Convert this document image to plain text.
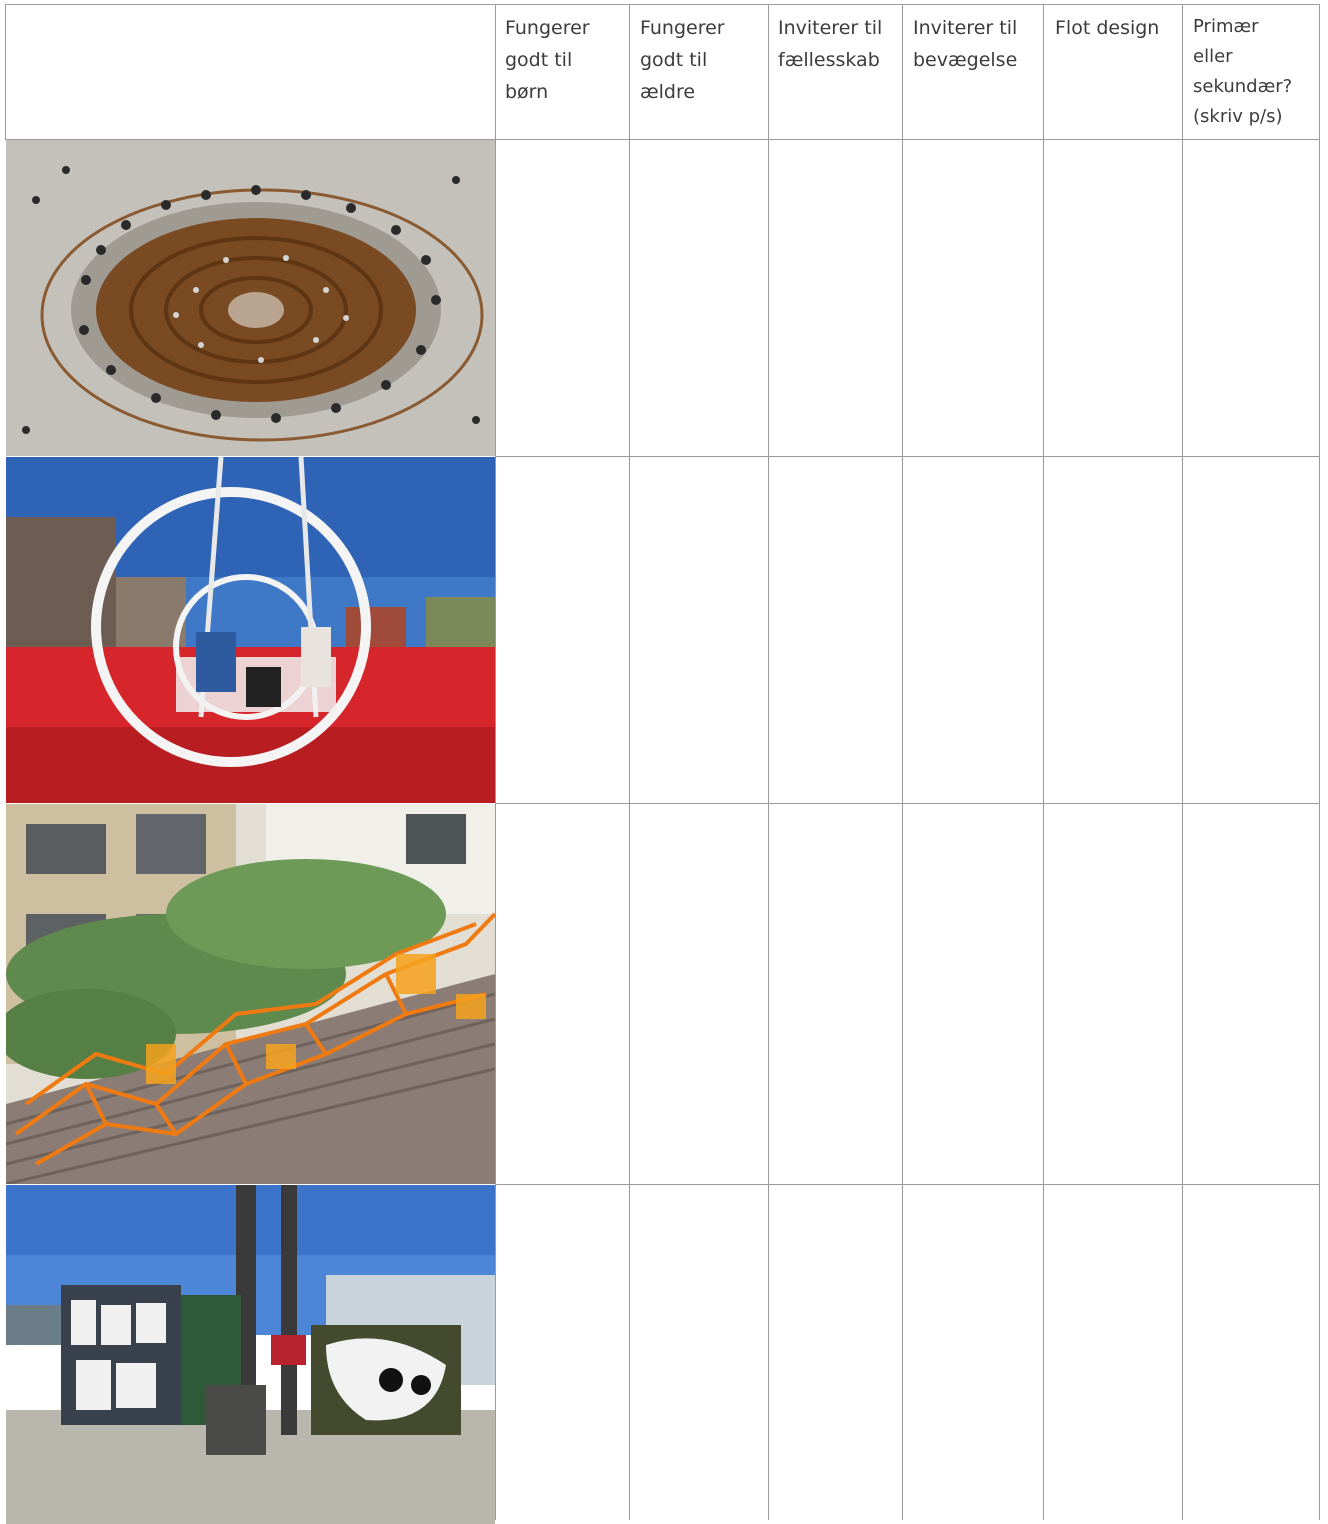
Fungerer
godt til
børn
Fungerer
godt til
ældre
Inviterer til
fællesskab
Inviterer til
bevægelse
Flot design Primær
eller
sekundær?
(skriv p/s)
